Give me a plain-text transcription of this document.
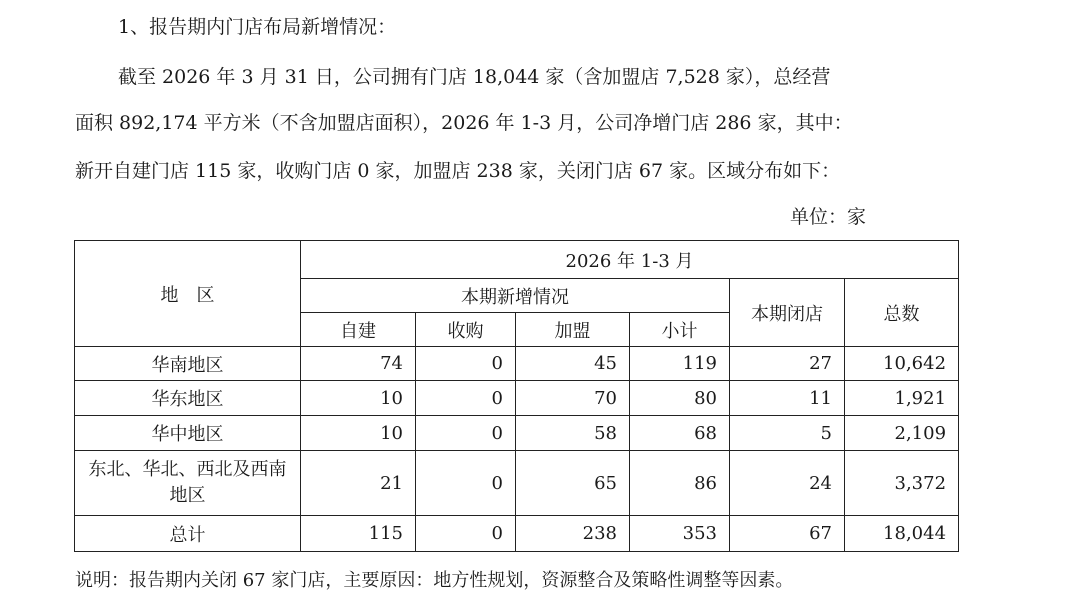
1、报告期内门店布局新增情况：
截至 2026 年 3 月 31 日，公司拥有门店 18,044 家（含加盟店 7,528 家），总经营
面积 892,174 平方米（不含加盟店面积），2026 年 1-3 月，公司净增门店 286 家，其中：
新开自建门店 115 家，收购门店 0 家，加盟店 238 家，关闭门店 67 家。区域分布如下：
单位：家
地　区	2026 年 1-3 月					
	本期新增情况				本期闭店	总数
	自建	收购	加盟	小计		
华南地区	74	0	45	119	27	10,642
华东地区	10	0	70	80	11	1,921
华中地区	10	0	58	68	5	2,109
东北、华北、西北及西南地区	21	0	65	86	24	3,372
总计	115	0	238	353	67	18,044
说明：报告期内关闭 67 家门店，主要原因：地方性规划，资源整合及策略性调整等因素。
